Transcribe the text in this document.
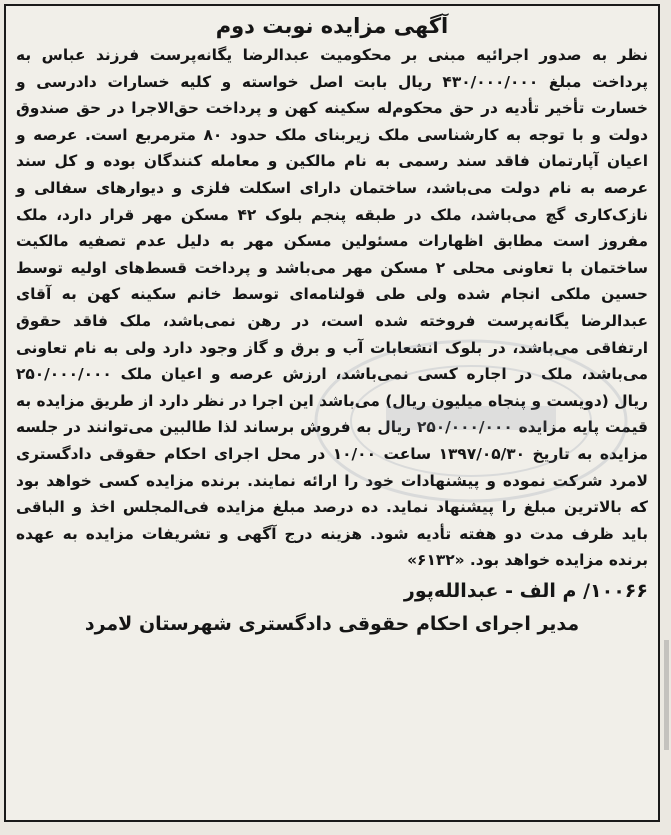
آگهی مزایده نوبت دوم

نظر به صدور اجرائیه مبنی بر محکومیت عبدالرضا یگانه‌پرست فرزند عباس به پرداخت مبلغ ۴۳۰/۰۰۰/۰۰۰ ریال بابت اصل خواسته و کلیه خسارات دادرسی و خسارت تأخیر تأدیه در حق محکوم‌له سکینه کهن و پرداخت حق‌الاجرا در حق صندوق دولت و با توجه به کارشناسی ملک زیربنای ملک حدود ۸۰ مترمربع است. عرصه و اعیان آپارتمان فاقد سند رسمی به نام مالکین و معامله کنندگان بوده و کل سند عرصه به نام دولت می‌باشد، ساختمان دارای اسکلت فلزی و دیوارهای سفالی و نازک‌کاری گچ می‌باشد، ملک در طبقه پنجم بلوک ۴۲ مسکن مهر قرار دارد، ملک مفروز است مطابق اظهارات مسئولین مسکن مهر به دلیل عدم تصفیه مالکیت ساختمان با تعاونی محلی ۲ مسکن مهر می‌باشد و پرداخت قسط‌های اولیه توسط حسین ملکی انجام شده ولی طی قولنامه‌ای توسط خانم سکینه کهن به آقای عبدالرضا یگانه‌پرست فروخته شده است، در رهن نمی‌باشد، ملک فاقد حقوق ارتفاقی می‌باشد، در بلوک انشعابات آب و برق و گاز وجود دارد ولی به نام تعاونی می‌باشد، ملک در اجاره کسی نمی‌باشد، ارزش عرصه و اعیان ملک ۲۵۰/۰۰۰/۰۰۰ ریال (دویست و پنجاه میلیون ریال) می‌باشد این اجرا در نظر دارد از طریق مزایده به قیمت پایه مزایده ۲۵۰/۰۰۰/۰۰۰ ریال به فروش برساند لذا طالبین می‌توانند در جلسه مزایده به تاریخ ۱۳۹۷/۰۵/۳۰ ساعت ۱۰/۰۰ در محل اجرای احکام حقوقی دادگستری لامرد شرکت نموده و پیشنهادات خود را ارائه نمایند. برنده مزایده کسی خواهد بود که بالاترین مبلغ را پیشنهاد نماید. ده درصد مبلغ مزایده فی‌المجلس اخذ و الباقی باید ظرف مدت دو هفته تأدیه شود. هزینه درج آگهی و تشریفات مزایده به عهده برنده مزایده خواهد بود. «۶۱۳۲»

۱۰۰۶۶/ م الف - عبدالله‌پور
مدیر اجرای احکام حقوقی دادگستری شهرستان لامرد
